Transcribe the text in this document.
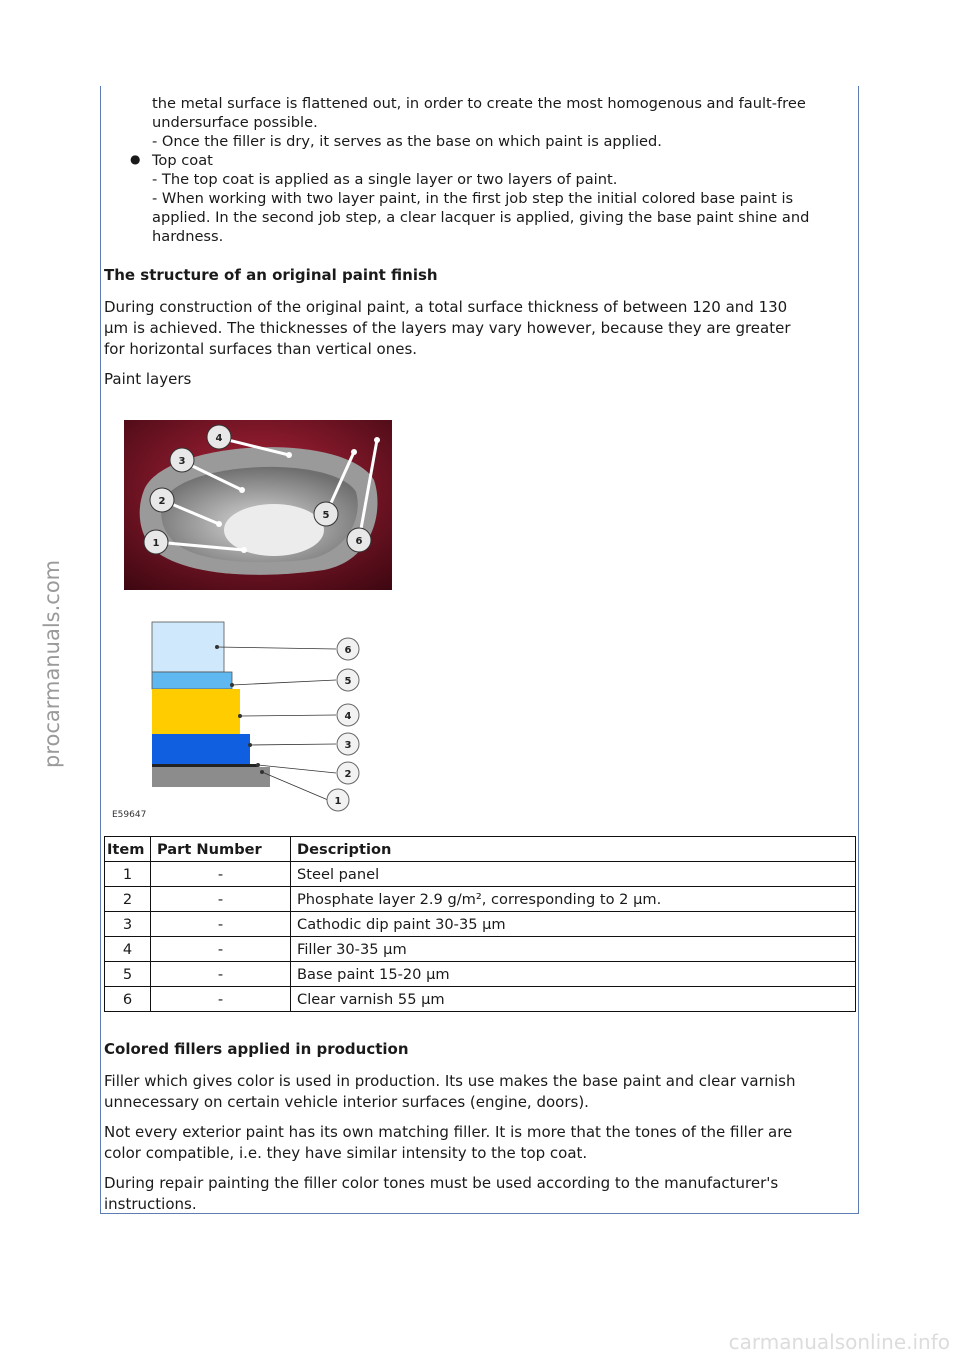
procarmanuals.com
carmanualsonline.info

the metal surface is flattened out, in order to create the most homogenous and fault-free

undersurface possible.

- Once the filler is dry, it serves as the base on which paint is applied.

● Top coat

- The top coat is applied as a single layer or two layers of paint.

- When working with two layer paint, in the first job step the initial colored base paint is

applied. In the second job step, a clear lacquer is applied, giving the base paint shine and

hardness.

The structure of an original paint finish

During construction of the original paint, a total surface thickness of between 120 and 130

µm is achieved. The thicknesses of the layers may vary however, because they are greater

for horizontal surfaces than vertical ones.

Paint layers

1
2
3
4
5
6
6
5
4
3
2
1
E59647
Item	Part Number	Description
1	-	Steel panel
2	-	Phosphate layer 2.9 g/m², corresponding to 2 µm.
3	-	Cathodic dip paint 30-35 µm
4	-	Filler 30-35 µm
5	-	Base paint 15-20 µm
6	-	Clear varnish 55 µm
Colored fillers applied in production

Filler which gives color is used in production. Its use makes the base paint and clear varnish

unnecessary on certain vehicle interior surfaces (engine, doors).

Not every exterior paint has its own matching filler. It is more that the tones of the filler are

color compatible, i.e. they have similar intensity to the top coat.

During repair painting the filler color tones must be used according to the manufacturer's

instructions.
